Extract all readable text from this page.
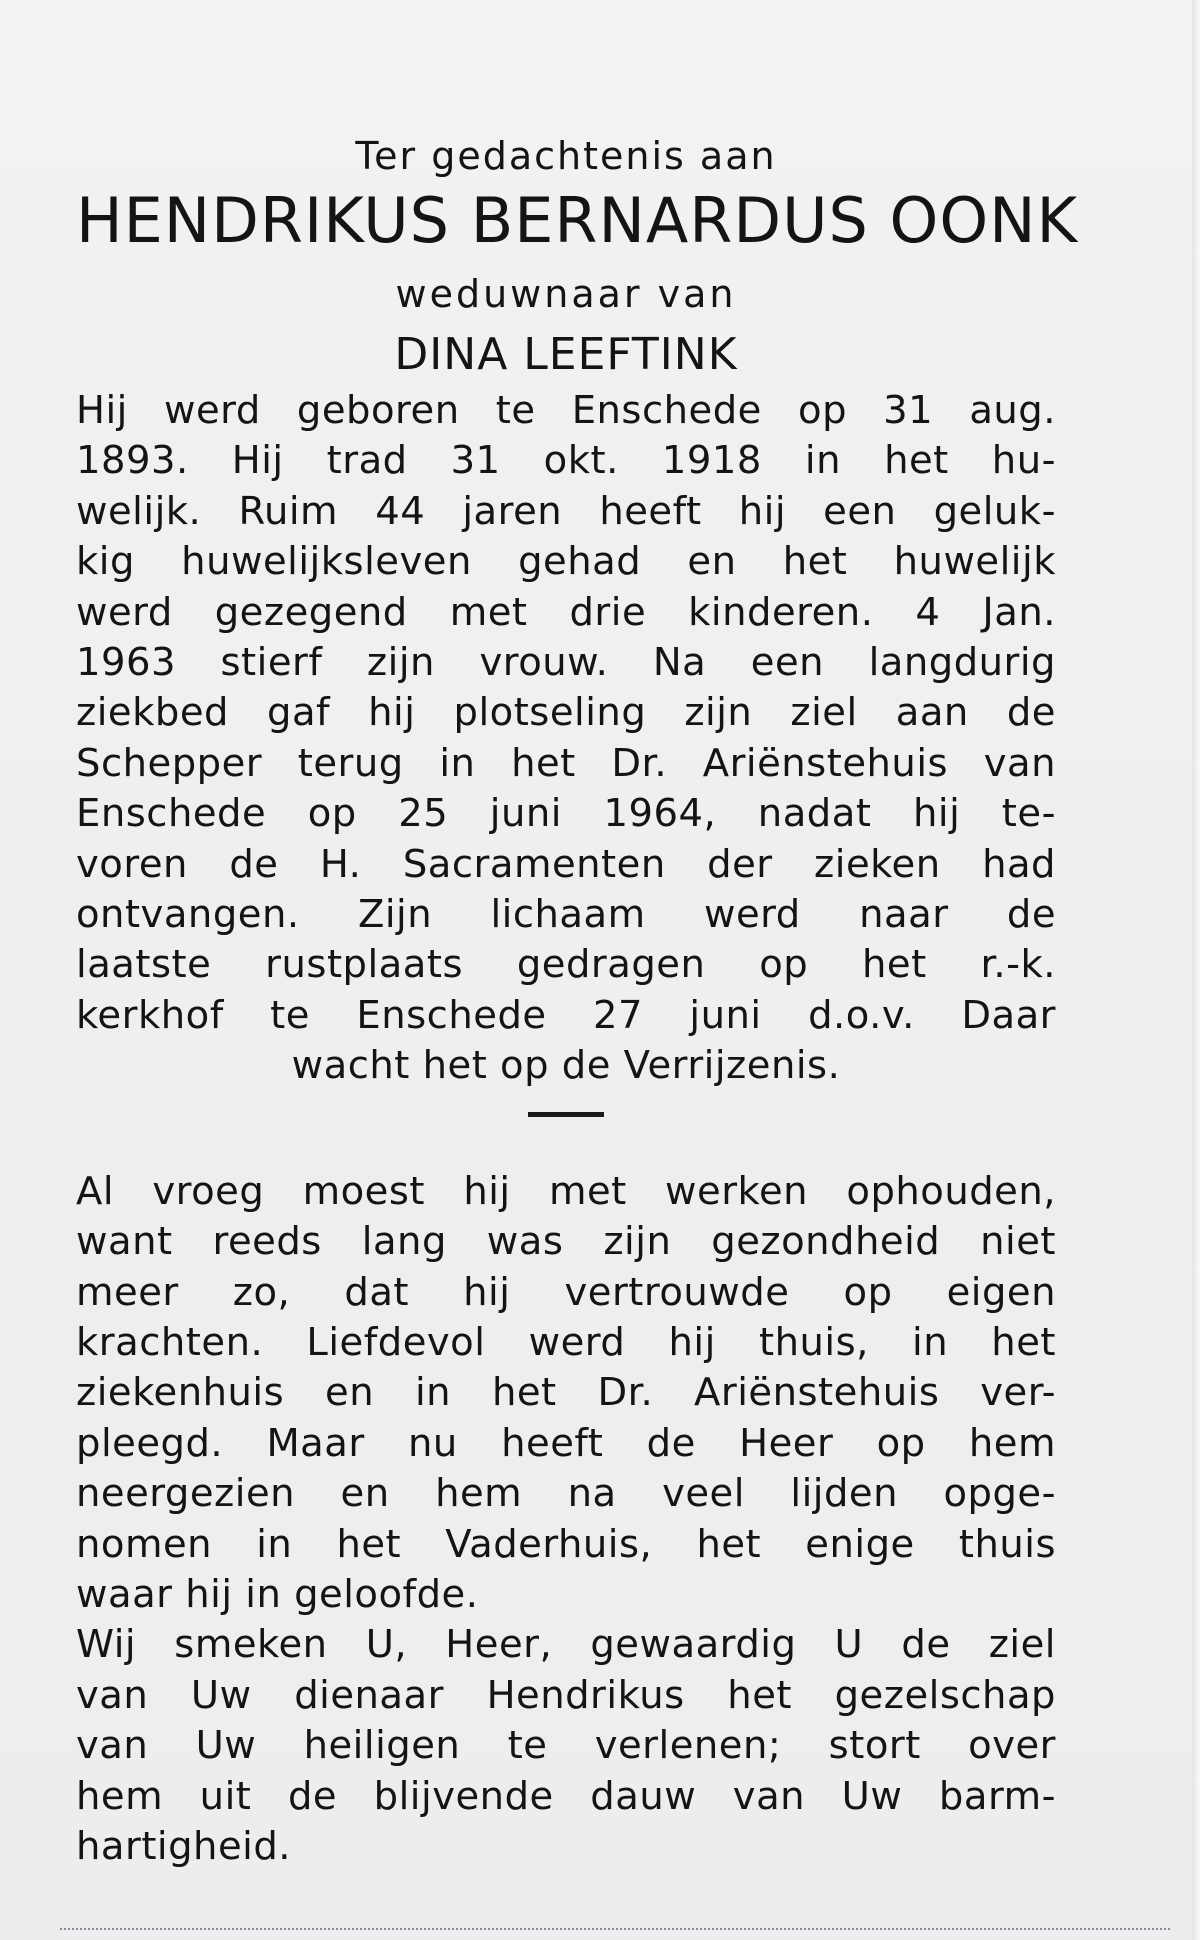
Ter gedachtenis aan

HENDRIKUS BERNARDUS OONK

weduwnaar van

DINA LEEFTINK

Hij werd geboren te Enschede op 31 aug.
1893. Hij trad 31 okt. 1918 in het hu-
welijk. Ruim 44 jaren heeft hij een geluk-
kig huwelijksleven gehad en het huwelijk
werd gezegend met drie kinderen. 4 Jan.
1963 stierf zijn vrouw. Na een langdurig
ziekbed gaf hij plotseling zijn ziel aan de
Schepper terug in het Dr. Ariënstehuis van
Enschede op 25 juni 1964, nadat hij te-
voren de H. Sacramenten der zieken had
ontvangen. Zijn lichaam werd naar de
laatste rustplaats gedragen op het r.-k.
kerkhof te Enschede 27 juni d.o.v. Daar
wacht het op de Verrijzenis.
Al vroeg moest hij met werken ophouden,
want reeds lang was zijn gezondheid niet
meer zo, dat hij vertrouwde op eigen
krachten. Liefdevol werd hij thuis, in het
ziekenhuis en in het Dr. Ariënstehuis ver-
pleegd. Maar nu heeft de Heer op hem
neergezien en hem na veel lijden opge-
nomen in het Vaderhuis, het enige thuis
waar hij in geloofde.
Wij smeken U, Heer, gewaardig U de ziel
van Uw dienaar Hendrikus het gezelschap
van Uw heiligen te verlenen; stort over
hem uit de blijvende dauw van Uw barm-
hartigheid.
